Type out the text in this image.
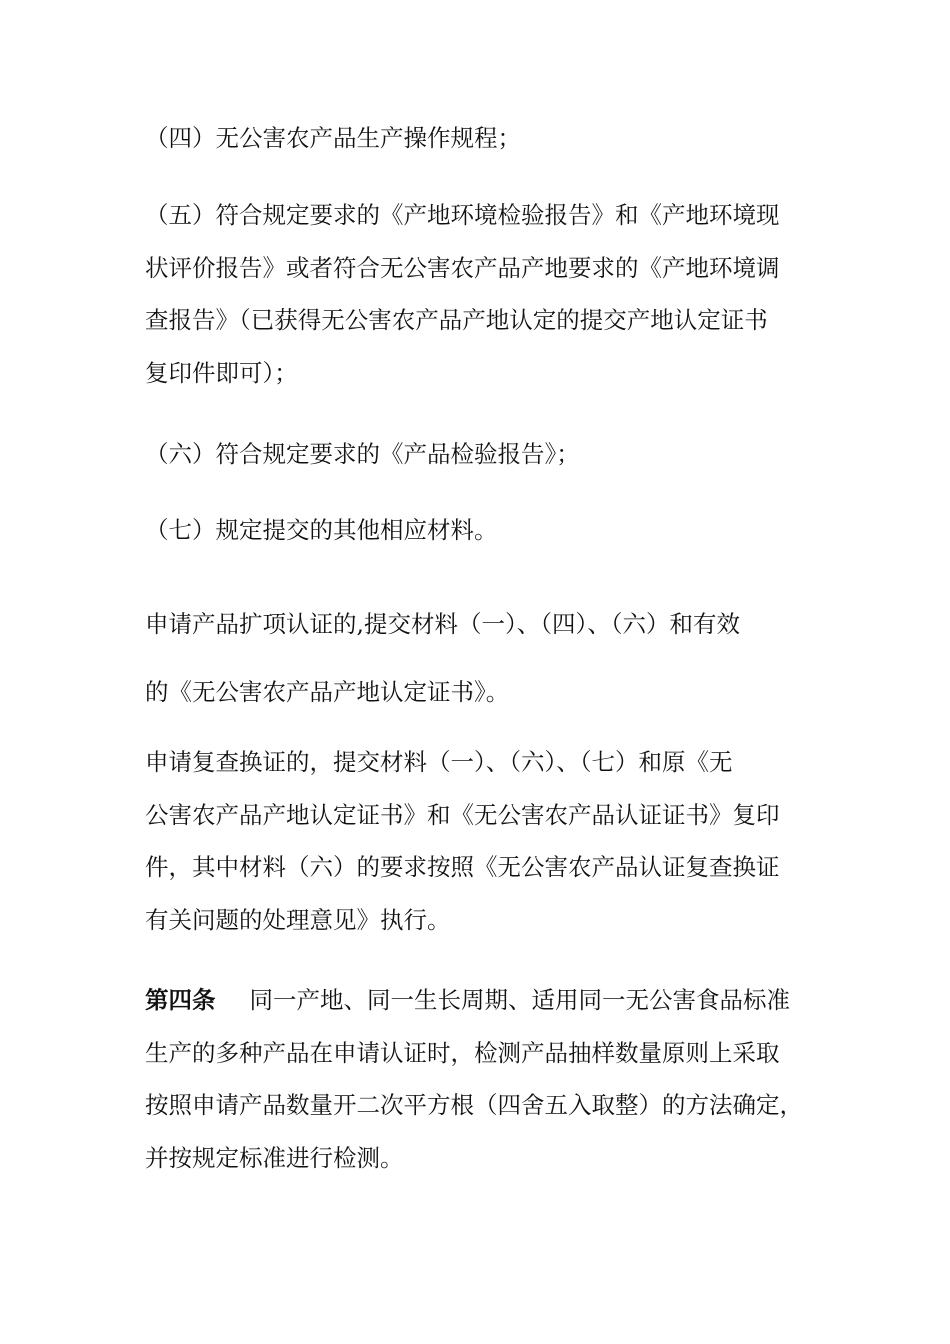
（四）无公害农产品生产操作规程；
（五）符合规定要求的《产地环境检验报告》和《产地环境现
状评价报告》或者符合无公害农产品产地要求的《产地环境调
查报告》（已获得无公害农产品产地认定的提交产地认定证书
复印件即可）；
（六）符合规定要求的《产品检验报告》；
（七）规定提交的其他相应材料。
申请产品扩项认证的,提交材料（一）、（四）、（六）和有效
的《无公害农产品产地认定证书》。
申请复查换证的，提交材料（一）、（六）、（七）和原《无
公害农产品产地认定证书》和《无公害农产品认证证书》复印
件，其中材料（六）的要求按照《无公害农产品认证复查换证
有关问题的处理意见》执行。
第四条 同一产地、同一生长周期、适用同一无公害食品标准
生产的多种产品在申请认证时，检测产品抽样数量原则上采取
按照申请产品数量开二次平方根（四舍五入取整）的方法确定，
并按规定标准进行检测。
